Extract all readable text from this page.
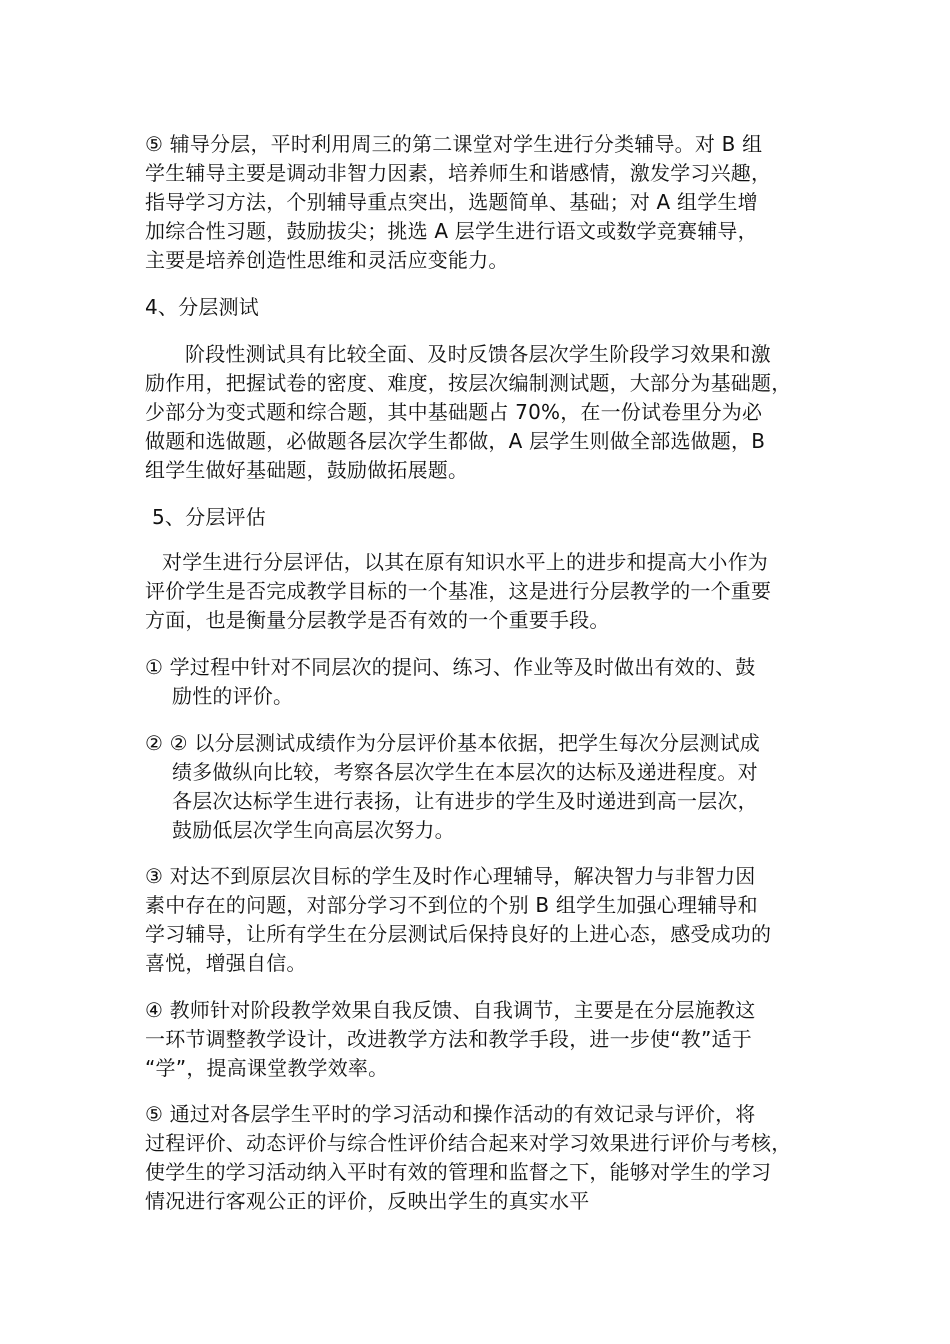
⑤ 辅导分层，平时利用周三的第二课堂对学生进行分类辅导。对 B 组
学生辅导主要是调动非智力因素，培养师生和谐感情，激发学习兴趣，
指导学习方法，个别辅导重点突出，选题简单、基础；对 A 组学生增
加综合性习题，鼓励拔尖；挑选 A 层学生进行语文或数学竞赛辅导，
主要是培养创造性思维和灵活应变能力。
4、分层测试
阶段性测试具有比较全面、及时反馈各层次学生阶段学习效果和激
励作用，把握试卷的密度、难度，按层次编制测试题，大部分为基础题，
少部分为变式题和综合题，其中基础题占 70%，在一份试卷里分为必
做题和选做题，必做题各层次学生都做，A 层学生则做全部选做题，B
组学生做好基础题，鼓励做拓展题。
5、分层评估
对学生进行分层评估，以其在原有知识水平上的进步和提高大小作为
评价学生是否完成教学目标的一个基准，这是进行分层教学的一个重要
方面，也是衡量分层教学是否有效的一个重要手段。
① 学过程中针对不同层次的提问、练习、作业等及时做出有效的、鼓
励性的评价。
② ② 以分层测试成绩作为分层评价基本依据，把学生每次分层测试成
绩多做纵向比较，考察各层次学生在本层次的达标及递进程度。对
各层次达标学生进行表扬，让有进步的学生及时递进到高一层次，
鼓励低层次学生向高层次努力。
③ 对达不到原层次目标的学生及时作心理辅导，解决智力与非智力因
素中存在的问题，对部分学习不到位的个别 B 组学生加强心理辅导和
学习辅导，让所有学生在分层测试后保持良好的上进心态，感受成功的
喜悦，增强自信。
④ 教师针对阶段教学效果自我反馈、自我调节，主要是在分层施教这
一环节调整教学设计，改进教学方法和教学手段，进一步使“教”适于
“学”，提高课堂教学效率。
⑤ 通过对各层学生平时的学习活动和操作活动的有效记录与评价，将
过程评价、动态评价与综合性评价结合起来对学习效果进行评价与考核，
使学生的学习活动纳入平时有效的管理和监督之下，能够对学生的学习
情况进行客观公正的评价，反映出学生的真实水平
